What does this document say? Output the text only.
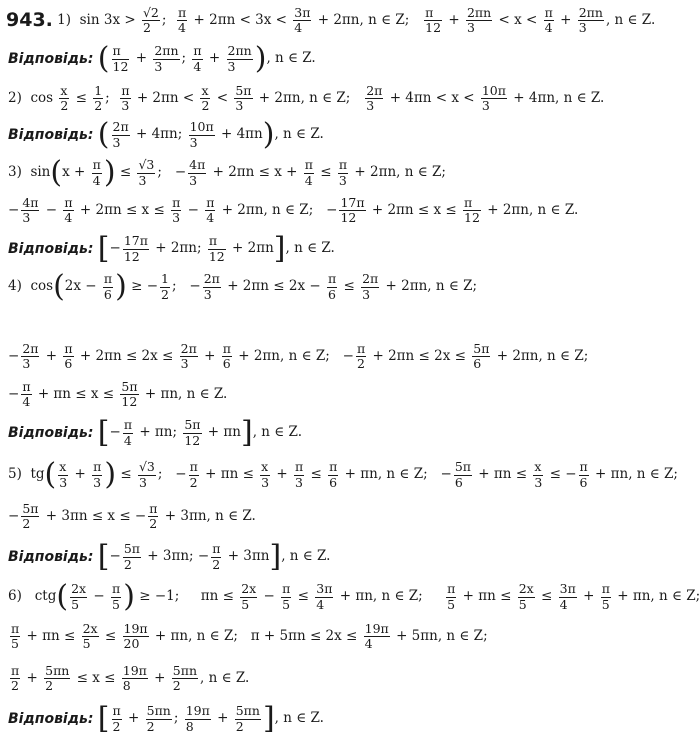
943. 1)  $\sin 3x > \frac{√2}{2}$ ; $\frac{\pi}{4} + 2\pi n < 3x < \frac{3\pi}{4} + 2\pi n$, n ∈ Z; $\frac{\pi}{12} + \frac{2\pi n}{3} < x < \frac{\pi}{4} + \frac{2\pi n}{3}$ , n ∈ Z.
Відповідь: ( $\frac{\pi}{12} + \frac{2\pi n}{3}$ ; $\frac{\pi}{4} + \frac{2\pi n}{3}$ ), n ∈ Z.
2)  $\cos \frac{x}{2} \le \frac{1}{2}$ ; $\frac{\pi}{3} + 2\pi n < \frac{x}{2} < \frac{5\pi}{3} + 2\pi n$, n ∈ Z; $\frac{2\pi}{3} + 4\pi n < x < \frac{10\pi}{3} + 4\pi n$, n ∈ Z.
Відповідь: ( $\frac{2\pi}{3} + 4\pi n$; $\frac{10\pi}{3} + 4\pi n$), n ∈ Z.
3)  $\sin(x + \frac{\pi}{4}$ ) ≤ $\frac{√3}{3}$ ;   − $\frac{4\pi}{3} + 2\pi n \le x + \frac{\pi}{4} \le \frac{\pi}{3} + 2\pi n$, n ∈ Z;
− $\frac{4\pi}{3} - \frac{\pi}{4} + 2\pi n \le x \le \frac{\pi}{3} - \frac{\pi}{4} + 2\pi n$, n ∈ Z;   − $\frac{17\pi}{12} + 2\pi n \le x \le \frac{\pi}{12} + 2\pi n$, n ∈ Z.
Відповідь: [− $\frac{17\pi}{12} + 2\pi n$; $\frac{\pi}{12} + 2\pi n$], n ∈ Z.
4)  $\cos(2x - \frac{\pi}{6}$ ) ≥ − $\frac{1}{2}$ ;   − $\frac{2\pi}{3} + 2\pi n \le 2x - \frac{\pi}{6} \le \frac{2\pi}{3} + 2\pi n$, n ∈ Z;
− $\frac{2\pi}{3} + \frac{\pi}{6} + 2\pi n \le 2x \le \frac{2\pi}{3} + \frac{\pi}{6} + 2\pi n$, n ∈ Z;   − $\frac{\pi}{2} + 2\pi n \le 2x \le \frac{5\pi}{6} + 2\pi n$, n ∈ Z;
− $\frac{\pi}{4} + \pi n \le x \le \frac{5\pi}{12} + \pi n$, n ∈ Z.
Відповідь: [− $\frac{\pi}{4} + \pi n$; $\frac{5\pi}{12} + \pi n$], n ∈ Z.
5)  $tg( \frac{x}{3} + \frac{\pi}{3}$ ) ≤ $\frac{√3}{3}$ ;   − $\frac{\pi}{2} + \pi n \le \frac{x}{3} + \frac{\pi}{3} \le \frac{\pi}{6} + \pi n$, n ∈ Z;   − $\frac{5\pi}{6} + \pi n \le \frac{x}{3}$ ≤ − $\frac{\pi}{6} + \pi n$, n ∈ Z;
− $\frac{5\pi}{2} + 3\pi n \le x$ ≤ − $\frac{\pi}{2} + 3\pi n$, n ∈ Z.
Відповідь: [− $\frac{5\pi}{2} + 3\pi n$; − $\frac{\pi}{2} + 3\pi n$], n ∈ Z.
6)   $ctg( \frac{2x}{5} - \frac{\pi}{5}$ ) ≥ −1;     $\pi n \le \frac{2x}{5} - \frac{\pi}{5} \le \frac{3\pi}{4} + \pi n$, n ∈ Z; $\frac{\pi}{5} + \pi n \le \frac{2x}{5} \le \frac{3\pi}{4} + \frac{\pi}{5} + \pi n$, n ∈ Z;
$\frac{\pi}{5} + \pi n \le \frac{2x}{5} \le \frac{19\pi}{20} + \pi n$, n ∈ Z;   $\pi + 5\pi n \le 2x \le \frac{19\pi}{4} + 5\pi n$, n ∈ Z;
$\frac{\pi}{2} + \frac{5\pi n}{2} \le x \le \frac{19\pi}{8} + \frac{5\pi n}{2}$ , n ∈ Z.
Відповідь: [ $\frac{\pi}{2} + \frac{5\pi n}{2}$ ; $\frac{19\pi}{8} + \frac{5\pi n}{2}$ ], n ∈ Z.
